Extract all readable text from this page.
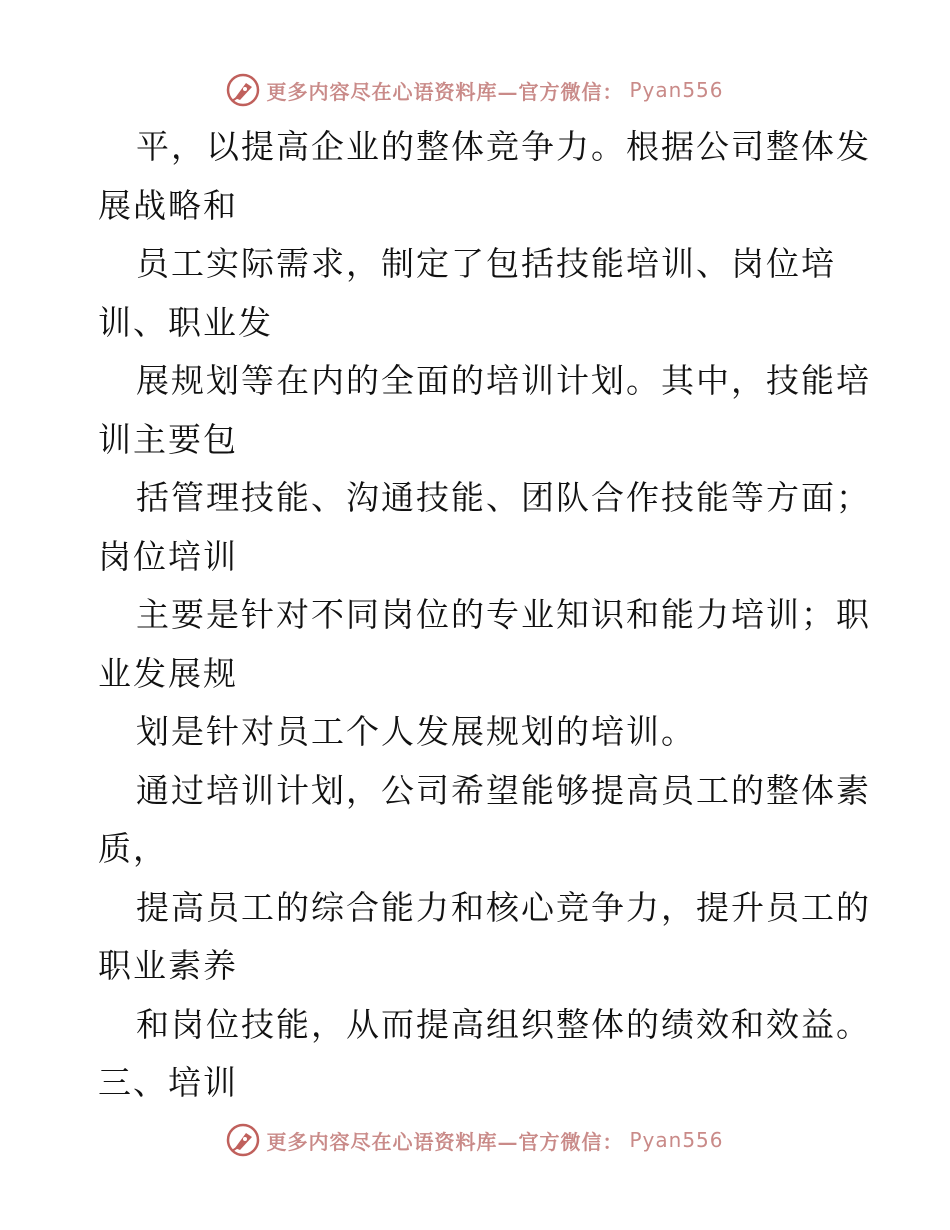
更多内容尽在心语资料库—官方微信： Pyan556
平，以提高企业的整体竞争力。根据公司整体发
展战略和
员工实际需求，制定了包括技能培训、岗位培
训、职业发
展规划等在内的全面的培训计划。其中，技能培
训主要包
括管理技能、沟通技能、团队合作技能等方面；
岗位培训
主要是针对不同岗位的专业知识和能力培训；职
业发展规
划是针对员工个人发展规划的培训。
通过培训计划，公司希望能够提高员工的整体素
质，
提高员工的综合能力和核心竞争力，提升员工的
职业素养
和岗位技能，从而提高组织整体的绩效和效益。
三、培训
更多内容尽在心语资料库—官方微信： Pyan556
